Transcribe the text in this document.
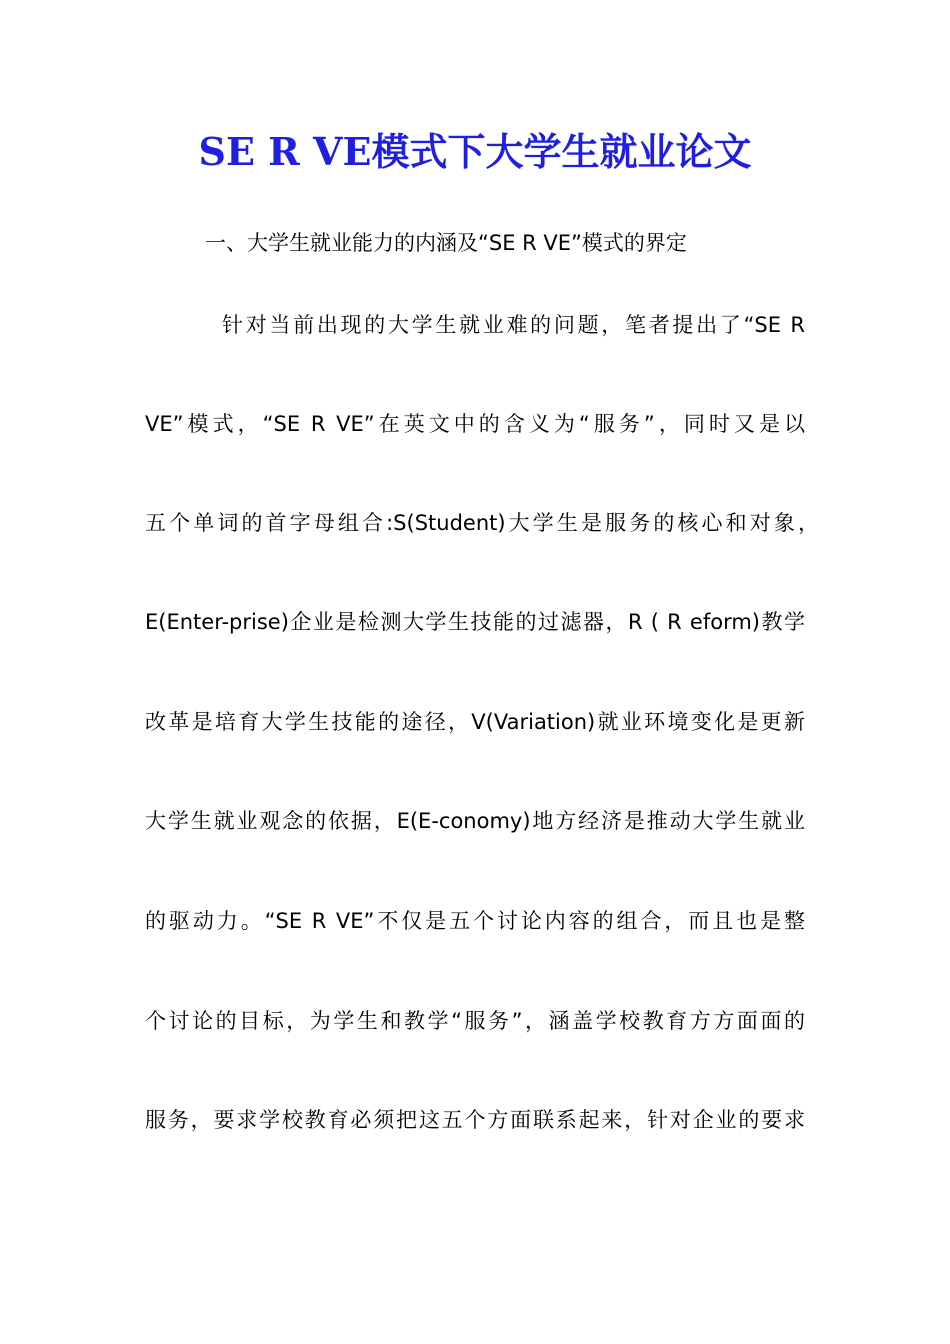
SE R VE模式下大学生就业论文
一、大学生就业能力的内涵及“SE R VE”模式的界定
针对当前出现的大学生就业难的问题，笔者提出了“SE R
VE”模式，“SE R VE”在英文中的含义为“服务”，同时又是以
五个单词的首字母组合:S(Student)大学生是服务的核心和对象，
E(Enter-prise)企业是检测大学生技能的过滤器，R ( R eform)教学
改革是培育大学生技能的途径，V(Variation)就业环境变化是更新
大学生就业观念的依据，E(E-conomy)地方经济是推动大学生就业
的驱动力。“SE R VE”不仅是五个讨论内容的组合，而且也是整
个讨论的目标，为学生和教学“服务”，涵盖学校教育方方面面的
服务，要求学校教育必须把这五个方面联系起来，针对企业的要求
